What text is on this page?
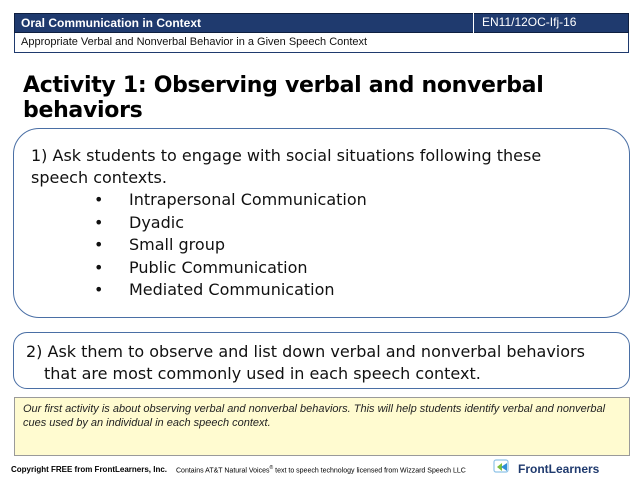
Oral Communication in Context	EN11/12OC-Ifj-16
Appropriate Verbal and Nonverbal Behavior in a Given Speech Context
Activity 1: Observing verbal and nonverbal behaviors
1) Ask students to engage with social situations following these speech contexts.
• Intrapersonal Communication
• Dyadic
• Small group
• Public Communication
• Mediated Communication
2) Ask them to observe and list down verbal and nonverbal behaviors that are most commonly used in each speech context.
Our first activity is about observing verbal and nonverbal behaviors. This will help students identify verbal and nonverbal cues used by an individual in each speech context.
Copyright FREE from FrontLearners, Inc. Contains AT&T Natural Voices® text to speech technology licensed from Wizzard Speech LLC	FrontLearners
